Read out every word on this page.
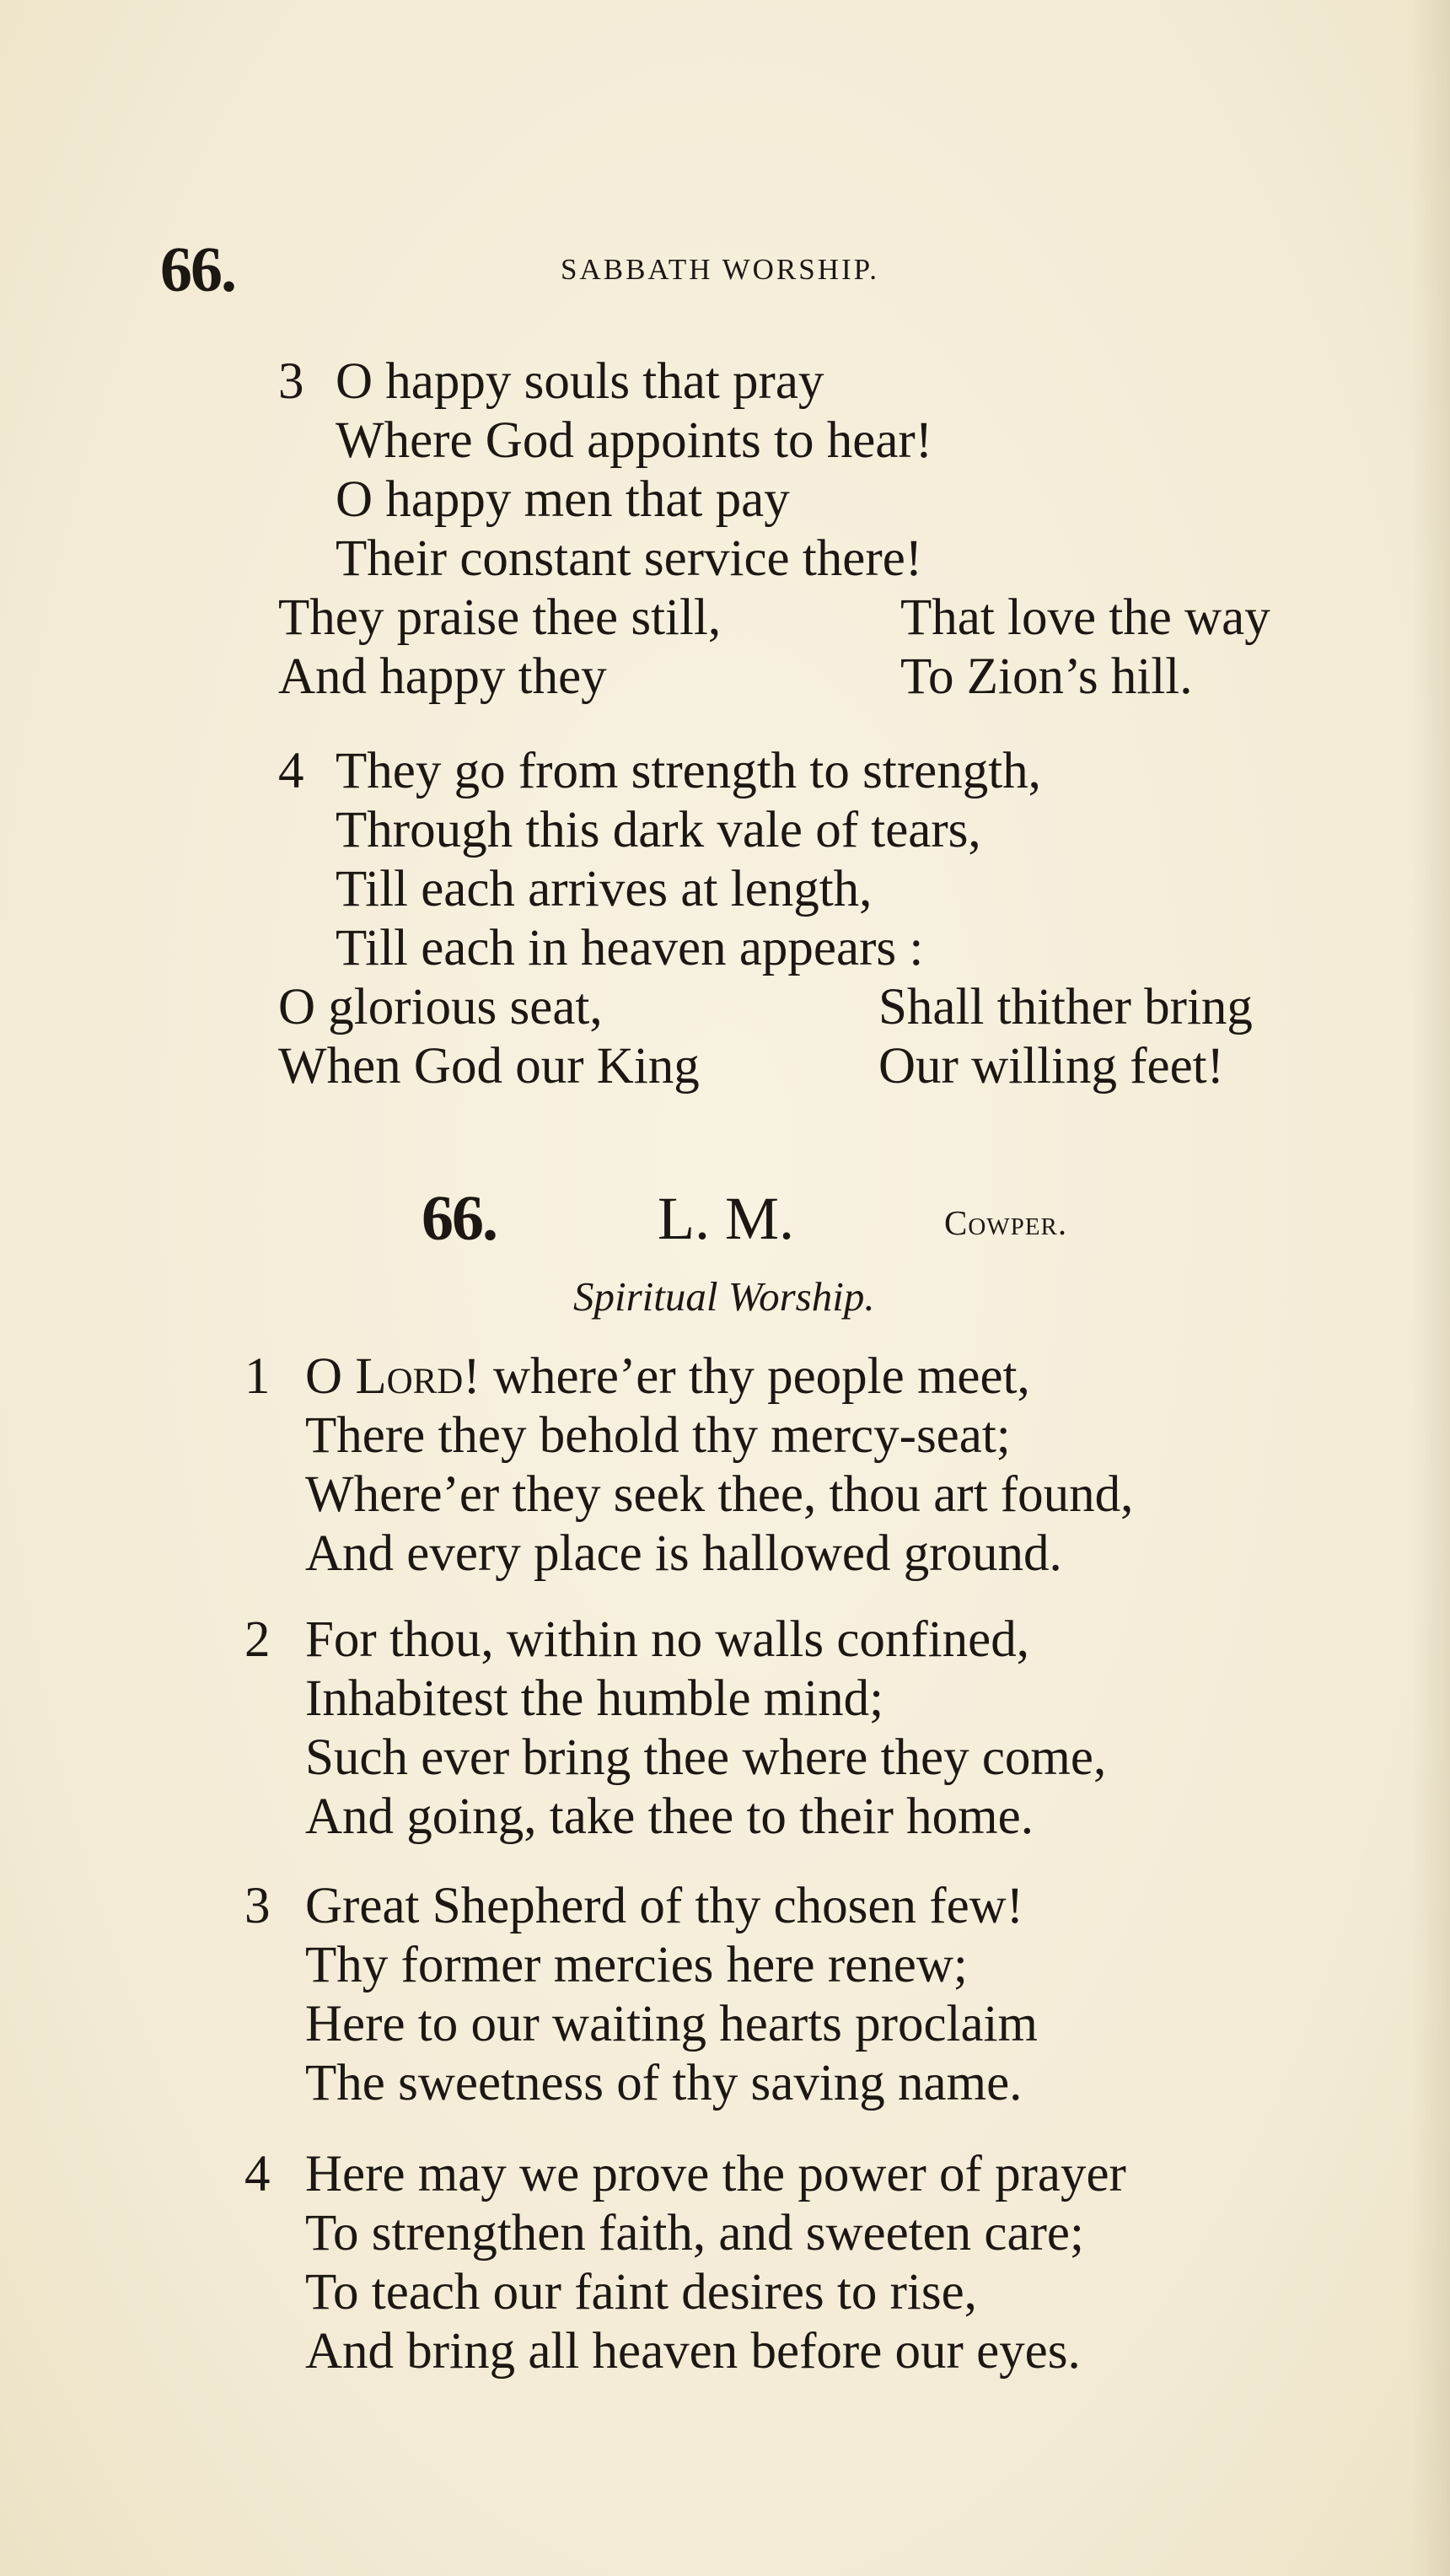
66.	SABBATH WORSHIP.
3 O happy souls that pray
Where God appoints to hear!
O happy men that pay
Their constant service there!
They praise thee still,	That love the way
And happy they	To Zion’s hill.
4 They go from strength to strength,
Through this dark vale of tears,
Till each arrives at length,
Till each in heaven appears :
O glorious seat,	Shall thither bring
When God our King	Our willing feet!
66.	L. M.	Cowper.
Spiritual Worship.
1 O Lord! where’er thy people meet,
There they behold thy mercy-seat;
Where’er they seek thee, thou art found,
And every place is hallowed ground.
2 For thou, within no walls confined,
Inhabitest the humble mind;
Such ever bring thee where they come,
And going, take thee to their home.
3 Great Shepherd of thy chosen few!
Thy former mercies here renew;
Here to our waiting hearts proclaim
The sweetness of thy saving name.
4 Here may we prove the power of prayer
To strengthen faith, and sweeten care;
To teach our faint desires to rise,
And bring all heaven before our eyes.
